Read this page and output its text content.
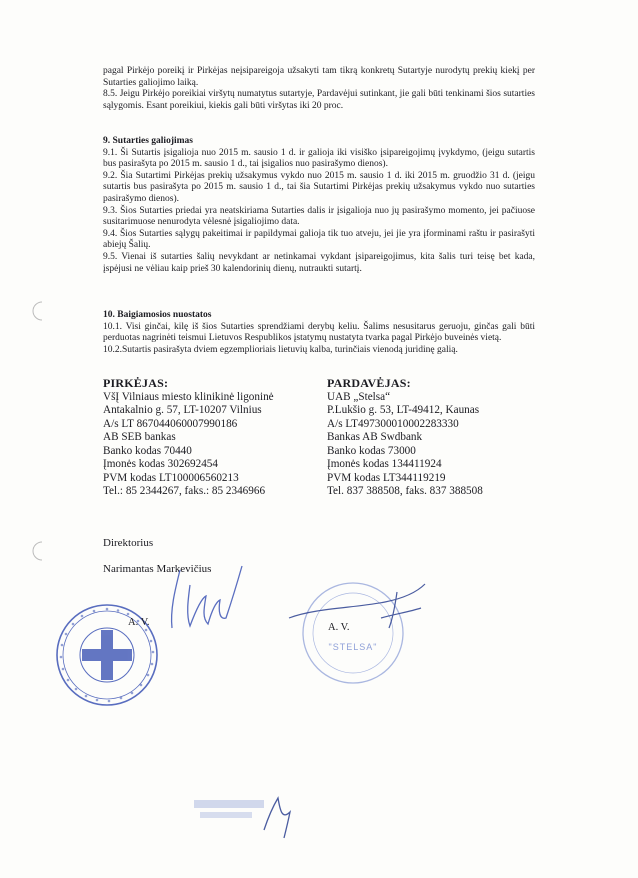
pagal Pirkėjo poreikį ir Pirkėjas neįsipareigoja užsakyti tam tikrą konkretų Sutartyje nurodytų prekių kiekį per Sutarties galiojimo laiką.

8.5. Jeigu Pirkėjo poreikiai viršytų numatytus sutartyje, Pardavėjui sutinkant, jie gali būti tenkinami šios sutarties sąlygomis. Esant poreikiui, kiekis gali būti viršytas iki 20 proc.

9. Sutarties galiojimas

9.1. Ši Sutartis įsigalioja nuo 2015 m. sausio 1 d. ir galioja iki visiško įsipareigojimų įvykdymo, (jeigu sutartis bus pasirašyta po 2015 m. sausio 1 d., tai įsigalios nuo pasirašymo dienos).

9.2. Šia Sutartimi Pirkėjas prekių užsakymus vykdo nuo 2015 m. sausio 1 d. iki 2015 m. gruodžio 31 d. (jeigu sutartis bus pasirašyta po 2015 m. sausio 1 d., tai šia Sutartimi Pirkėjas prekių užsakymus vykdo nuo sutarties pasirašymo dienos).

9.3. Šios Sutarties priedai yra neatskiriama Sutarties dalis ir įsigalioja nuo jų pasirašymo momento, jei pačiuose susitarimuose nenurodyta vėlesnė įsigaliojimo data.

9.4. Šios Sutarties sąlygų pakeitimai ir papildymai galioja tik tuo atveju, jei jie yra įforminami raštu ir pasirašyti abiejų Šalių.

9.5. Vienai iš sutarties šalių nevykdant ar netinkamai vykdant įsipareigojimus, kita šalis turi teisę bet kada, įspėjusi ne vėliau kaip prieš 30 kalendorinių dienų, nutraukti sutartį.

10. Baigiamosios nuostatos

10.1. Visi ginčai, kilę iš šios Sutarties sprendžiami derybų keliu. Šalims nesusitarus geruoju, ginčas gali būti perduotas nagrinėti teismui Lietuvos Respublikos įstatymų nustatyta tvarka pagal Pirkėjo buveinės vietą.

10.2.Sutartis pasirašyta dviem egzemplioriais lietuvių kalba, turinčiais vienodą juridinę galią.

PIRKĖJAS:
VšĮ Vilniaus miesto klinikinė ligoninė
Antakalnio g. 57, LT-10207 Vilnius
A/s LT 867044060007990186
AB SEB bankas
Banko kodas 70440
Įmonės kodas 302692454
PVM kodas LT100006560213
Tel.: 85 2344267, faks.: 85 2346966
PARDAVĖJAS:
UAB „Stelsa“
P.Lukšio g. 53, LT-49412, Kaunas
A/s LT497300010002283330
Bankas AB Swdbank
Banko kodas 73000
Įmonės kodas 134411924
PVM kodas LT344119219
Tel. 837 388508, faks. 837 388508
Direktorius
Narimantas Markevičius
A. V.
"STELSA"
A. V.
